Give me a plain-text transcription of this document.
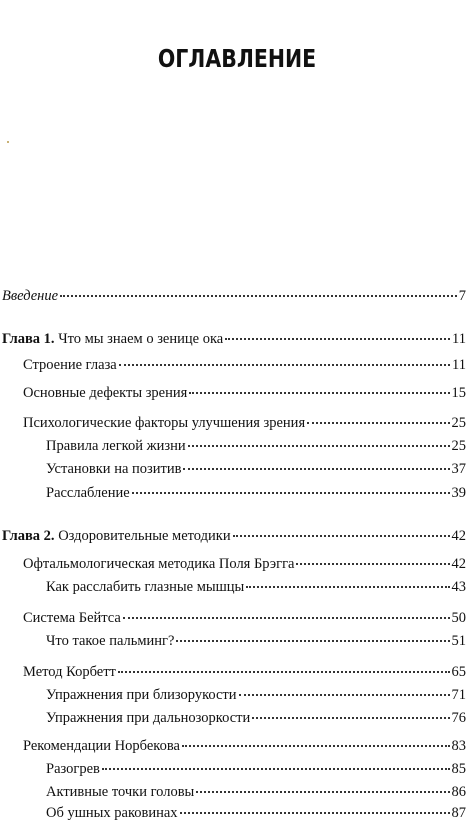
ОГЛАВЛЕНИЕ
Введение	7
Глава 1. Что мы знаем о зенице ока	11
Строение глаза	11
Основные дефекты зрения	15
Психологические факторы улучшения зрения	25
Правила легкой жизни	25
Установки на позитив	37
Расслабление	39
Глава 2. Оздоровительные методики	42
Офтальмологическая методика Поля Брэгга	42
Как расслабить глазные мышцы	43
Система Бейтса	50
Что такое пальминг?	51
Метод Корбетт	65
Упражнения при близорукости	71
Упражнения при дальнозоркости	76
Рекомендации Норбекова	83
Разогрев	85
Активные точки головы	86
Об ушных раковинах	87
